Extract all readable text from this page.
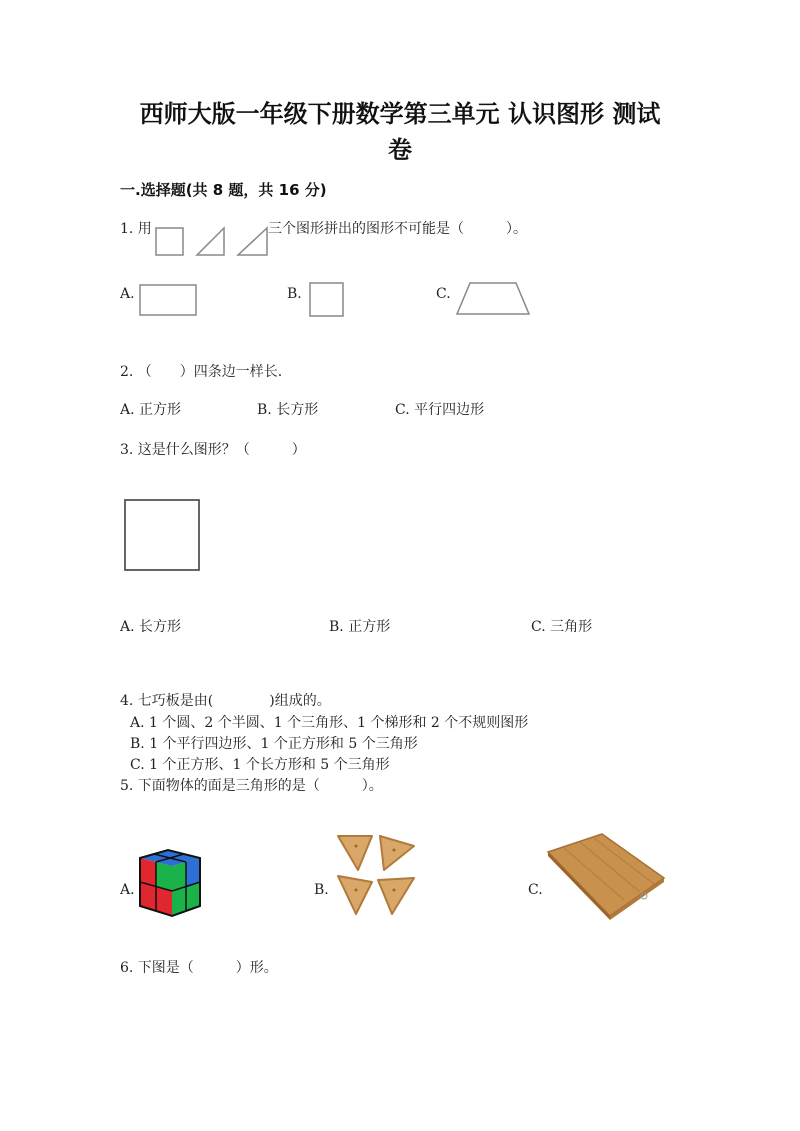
西师大版一年级下册数学第三单元 认识图形 测试
卷
一.选择题(共 8 题，共 16 分)
1. 用	三个图形拼出的图形不可能是（　　　）。
A.	B.	C.
2. （　　）四条边一样长.
A. 正方形	B. 长方形	C. 平行四边形
3. 这是什么图形？（　　　）
A. 长方形	B. 正方形	C. 三角形
4. 七巧板是由(　　　　)组成的。
A. 1 个圆、2 个半圆、1 个三角形、1 个梯形和 2 个不规则图形
B. 1 个平行四边形、1 个正方形和 5 个三角形
C. 1 个正方形、1 个长方形和 5 个三角形
5. 下面物体的面是三角形的是（　　　）。
A.	B.	C.
6. 下图是（　　　）形。
